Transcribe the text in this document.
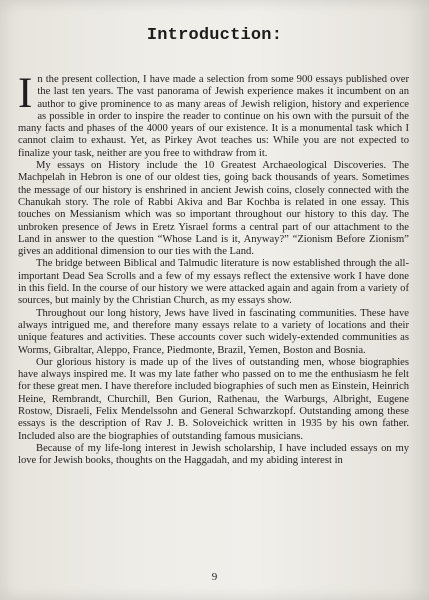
Introduction:

In the present collection, I have made a selection from some 900 essays published over the last ten years. The vast panorama of Jewish experience makes it incumbent on an author to give prominence to as many areas of Jewish religion, history and experience as possible in order to inspire the reader to continue on his own with the pursuit of the many facts and phases of the 4000 years of our existence. It is a monumental task which I cannot claim to exhaust. Yet, as Pirkey Avot teaches us: While you are not expected to finalize your task, neither are you free to withdraw from it.

My essays on History include the 10 Greatest Archaeological Discoveries. The Machpelah in Hebron is one of our oldest ties, going back thousands of years. Sometimes the message of our history is enshrined in ancient Jewish coins, closely connected with the Chanukah story. The role of Rabbi Akiva and Bar Kochba is related in one essay. This touches on Messianism which was so important throughout our history to this day. The unbroken presence of Jews in Eretz Yisrael forms a central part of our attachment to the Land in answer to the question “Whose Land is it, Anyway?” “Zionism Before Zionism” gives an additional dimension to our ties with the Land.

The bridge between Biblical and Talmudic literature is now established through the all-important Dead Sea Scrolls and a few of my essays reflect the extensive work I have done in this field. In the course of our history we were attacked again and again from a variety of sources, but mainly by the Christian Church, as my essays show.

Throughout our long history, Jews have lived in fascinating communities. These have always intrigued me, and therefore many essays relate to a variety of locations and their unique features and activities. These accounts cover such widely-extended communities as Worms, Gibraltar, Aleppo, France, Piedmonte, Brazil, Yemen, Boston and Bosnia.

Our glorious history is made up of the lives of outstanding men, whose biographies have always inspired me. It was my late father who passed on to me the enthusiasm he felt for these great men. I have therefore included biographies of such men as Einstein, Heinrich Heine, Rembrandt, Churchill, Ben Gurion, Rathenau, the Warburgs, Albright, Eugene Rostow, Disraeli, Felix Mendelssohn and General Schwarzkopf. Outstanding among these essays is the description of Rav J. B. Soloveichick written in 1935 by his own father. Included also are the biographies of outstanding famous musicians.

Because of my life-long interest in Jewish scholarship, I have included essays on my love for Jewish books, thoughts on the Haggadah, and my abiding interest in

9
